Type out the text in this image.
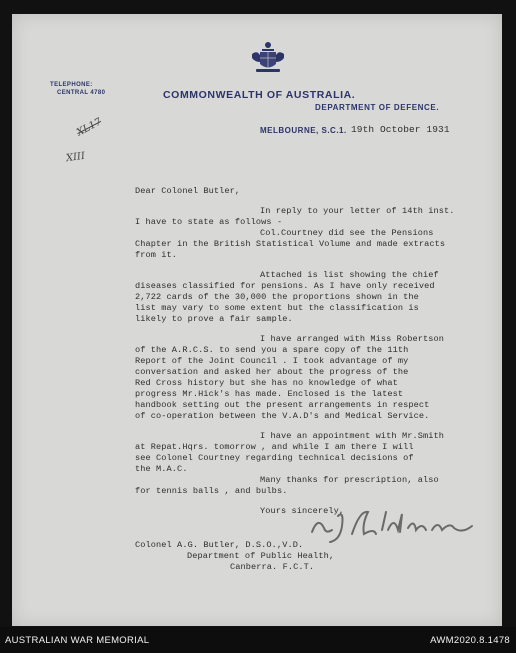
TELEPHONE:
CENTRAL 4780	COMMONWEALTH OF AUSTRALIA.
DEPARTMENT OF DEFENCE.
MELBOURNE, S.C.1. 19th October 1931
XL17
XIII
Dear Colonel Butler,
In reply to your letter of 14th inst.
I have to state as follows -
Col.Courtney did see the Pensions
Chapter in the British Statistical Volume and made extracts
from it.
Attached is list showing the chief
diseases classified for pensions. As I have only received
2,722 cards of the 30,000 the proportions shown in the
list may vary to some extent but the classification is
likely to prove a fair sample.
I have arranged with Miss Robertson
of the A.R.C.S. to send you a spare copy of the 11th
Report of the Joint Council . I took advantage of my
conversation and asked her about the progress of the
Red Cross history but she has no knowledge of what
progress Mr.Hick's has made. Enclosed is the latest
handbook setting out the present arrangements in respect
of co-operation between the V.A.D's and Medical Service.
I have an appointment with Mr.Smith
at Repat.Hqrs. tomorrow , and while I am there I will
see Colonel Courtney regarding technical decisions of
the M.A.C.
Many thanks for prescription, also
for tennis balls , and bulbs.
Yours sincerely,
Colonel A.G. Butler, D.S.O.,V.D.
Department of Public Health,
Canberra. F.C.T.
AUSTRALIAN WAR MEMORIAL	AWM2020.8.1478
